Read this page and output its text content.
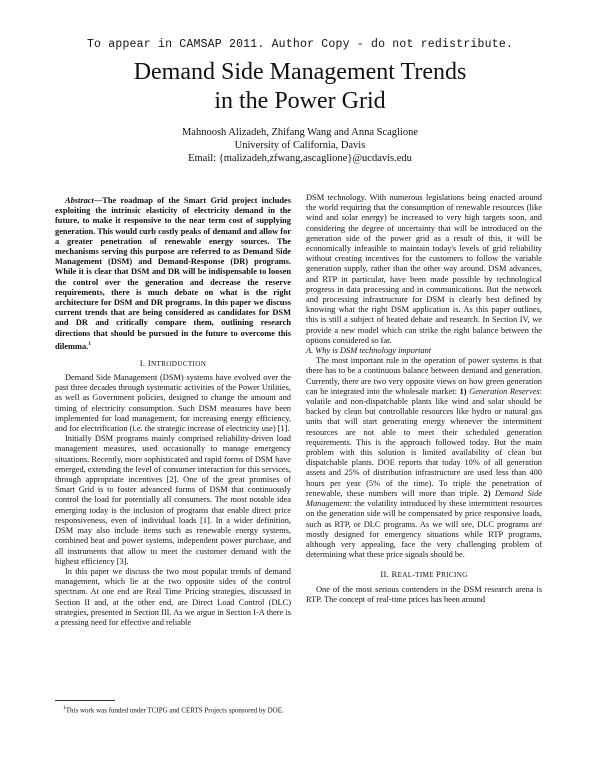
To appear in CAMSAP 2011. Author Copy - do not redistribute.
Demand Side Management Trends
in the Power Grid
Mahnoosh Alizadeh, Zhifang Wang and Anna Scaglione
University of California, Davis
Email: {malizadeh,zfwang,ascaglione}@ucdavis.edu

Abstract—The roadmap of the Smart Grid project includes exploiting the intrinsic elasticity of electricity demand in the future, to make it responsive to the near term cost of supplying generation. This would curb costly peaks of demand and allow for a greater penetration of renewable energy sources. The mechanisms serving this purpose are referred to as Demand Side Management (DSM) and Demand-Response (DR) programs. While it is clear that DSM and DR will be indispensable to loosen the control over the generation and decrease the reserve requirements, there is much debate on what is the right architecture for DSM and DR programs. In this paper we discuss current trends that are being considered as candidates for DSM and DR and critically compare them, outlining research directions that should be pursued in the future to overcome this dilemma.$^1$

I. INTRODUCTION

Demand Side Management (DSM) systems have evolved over the past three decades through systematic activities of the Power Utilities, as well as Government policies, designed to change the amount and timing of electricity consumption. Such DSM measures have been implemented for load management, for increasing energy efficiency, and for electrification (i.e. the strategic increase of electricity use) [1].

Initially DSM programs mainly comprised reliability-driven load management measures, used occasionally to manage emergency situations. Recently, more sophisticated and rapid forms of DSM have emerged, extending the level of consumer interaction for this services, through appropriate incentives [2]. One of the great promises of Smart Grid is to foster advanced forms of DSM that continuously control the load for potentially all consumers. The most notable idea emerging today is the inclusion of programs that enable direct price responsiveness, even of individual loads [1]. In a wider definition, DSM may also include items such as renewable energy systems, combined heat and power systems, independent power purchase, and all instruments that allow to meet the customer demand with the highest efficiency [3].

In this paper we discuss the two most popular trends of demand management, which lie at the two opposite sides of the control spectrum. At one end are Real Time Pricing strategies, discussed in Section II and, at the other end, are Direct Load Control (DLC) strategies, presented in Section III. As we argue in Section I-A there is a pressing need for effective and reliable

DSM technology. With numerous legislations being enacted around the world requiring that the consumption of renewable resources (like wind and solar energy) be increased to very high targets soon, and considering the degree of uncertainty that will be introduced on the generation side of the power grid as a result of this, it will be economically infeasible to maintain today's levels of grid reliability without creating incentives for the customers to follow the variable generation supply, rather than the other way around. DSM advances, and RTP in particular, have been made possible by technological progress in data processing and in communications. But the network and processing infrastructure for DSM is clearly best defined by knowing what the right DSM application is. As this paper outlines, this is still a subject of heated debate and research. In Section IV, we provide a new model which can strike the right balance between the options considered so far.

A. Why is DSM technology important

The most important rule in the operation of power systems is that there has to be a continuous balance between demand and generation. Currently, there are two very opposite views on how green generation can be integrated into the wholesale market: 1) Generation Reserves: volatile and non-dispatchable plants like wind and solar should be backed by clean but controllable resources like hydro or natural gas units that will start generating energy whenever the intermittent resources are not able to meet their scheduled generation requirements. This is the approach followed today. But the main problem with this solution is limited availability of clean but dispatchable plants. DOE reports that today 10% of all generation assets and 25% of distribution infrastructure are used less than 400 hours per year (5% of the time). To triple the penetration of renewable, these numbers will more than triple. 2) Demand Side Management: the volatility introduced by these intermittent resources on the generation side will be compensated by price responsive loads, such as RTP, or DLC programs. As we will see, DLC programs are mostly designed for emergency situations while RTP programs, although very appealing, face the very challenging problem of determining what these price signals should be.

II. REAL-TIME PRICING

One of the most serious contenders in the DSM research arena is RTP. The concept of real-time prices has been around

$^1$This work was funded under TCIPG and CERTS Projects sponsored by DOE.
